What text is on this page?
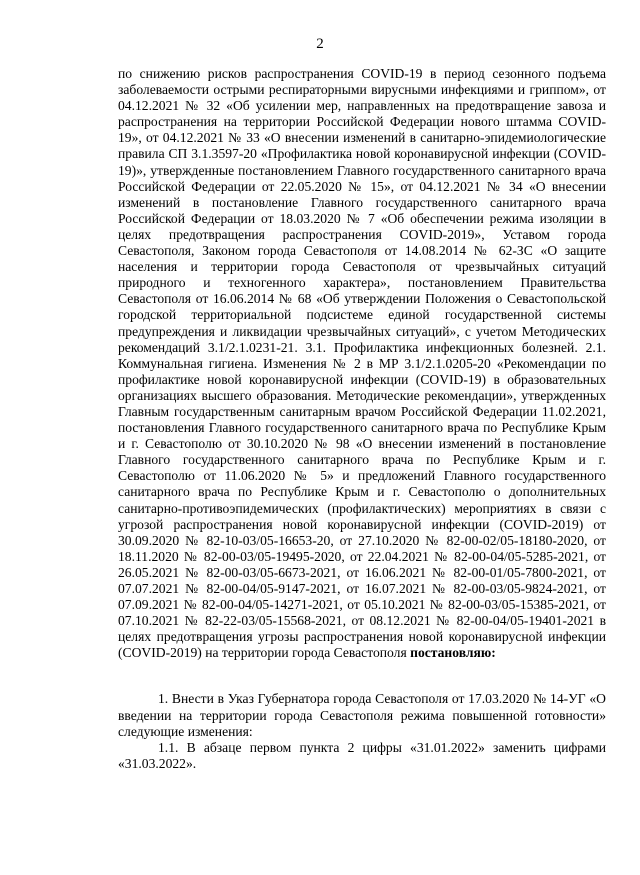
2

по снижению рисков распространения COVID-19 в период сезонного подъема заболеваемости острыми респираторными вирусными инфекциями и гриппом», от 04.12.2021 № 32 «Об усилении мер, направленных на предотвращение завоза и распространения на территории Российской Федерации нового штамма COVID-19», от 04.12.2021 № 33 «О внесении изменений в санитарно-эпидемиологические правила СП 3.1.3597-20 «Профилактика новой коронавирусной инфекции (COVID-19)», утвержденные постановлением Главного государственного санитарного врача Российской Федерации от 22.05.2020 № 15», от 04.12.2021 № 34 «О внесении изменений в постановление Главного государственного санитарного врача Российской Федерации от 18.03.2020 № 7 «Об обеспечении режима изоляции в целях предотвращения распространения COVID-2019», Уставом города Севастополя, Законом города Севастополя от 14.08.2014 № 62-ЗС «О защите населения и территории города Севастополя от чрезвычайных ситуаций природного и техногенного характера», постановлением Правительства Севастополя от 16.06.2014 № 68 «Об утверждении Положения о Севастопольской городской территориальной подсистеме единой государственной системы предупреждения и ликвидации чрезвычайных ситуаций», с учетом Методических рекомендаций 3.1/2.1.0231-21. 3.1. Профилактика инфекционных болезней. 2.1. Коммунальная гигиена. Изменения № 2 в МР 3.1/2.1.0205-20 «Рекомендации по профилактике новой коронавирусной инфекции (COVID-19) в образовательных организациях высшего образования. Методические рекомендации», утвержденных Главным государственным санитарным врачом Российской Федерации 11.02.2021, постановления Главного государственного санитарного врача по Республике Крым и г. Севастополю от 30.10.2020 № 98 «О внесении изменений в постановление Главного государственного санитарного врача по Республике Крым и г. Севастополю от 11.06.2020 № 5» и предложений Главного государственного санитарного врача по Республике Крым и г. Севастополю о дополнительных санитарно-противоэпидемических (профилактических) мероприятиях в связи с угрозой распространения новой коронавирусной инфекции (COVID-2019) от 30.09.2020 № 82-10-03/05-16653-20, от 27.10.2020 № 82-00-02/05-18180-2020, от 18.11.2020 № 82-00-03/05-19495-2020, от 22.04.2021 № 82-00-04/05-5285-2021, от 26.05.2021 № 82-00-03/05-6673-2021, от 16.06.2021 № 82-00-01/05-7800-2021, от 07.07.2021 № 82-00-04/05-9147-2021, от 16.07.2021 № 82-00-03/05-9824-2021, от 07.09.2021 № 82-00-04/05-14271-2021, от 05.10.2021 № 82-00-03/05-15385-2021, от 07.10.2021 № 82-22-03/05-15568-2021, от 08.12.2021 № 82-00-04/05-19401-2021 в целях предотвращения угрозы распространения новой коронавирусной инфекции (COVID-2019) на территории города Севастополя постановляю:

1. Внести в Указ Губернатора города Севастополя от 17.03.2020 № 14-УГ «О введении на территории города Севастополя режима повышенной готовности» следующие изменения:

1.1. В абзаце первом пункта 2 цифры «31.01.2022» заменить цифрами «31.03.2022».
